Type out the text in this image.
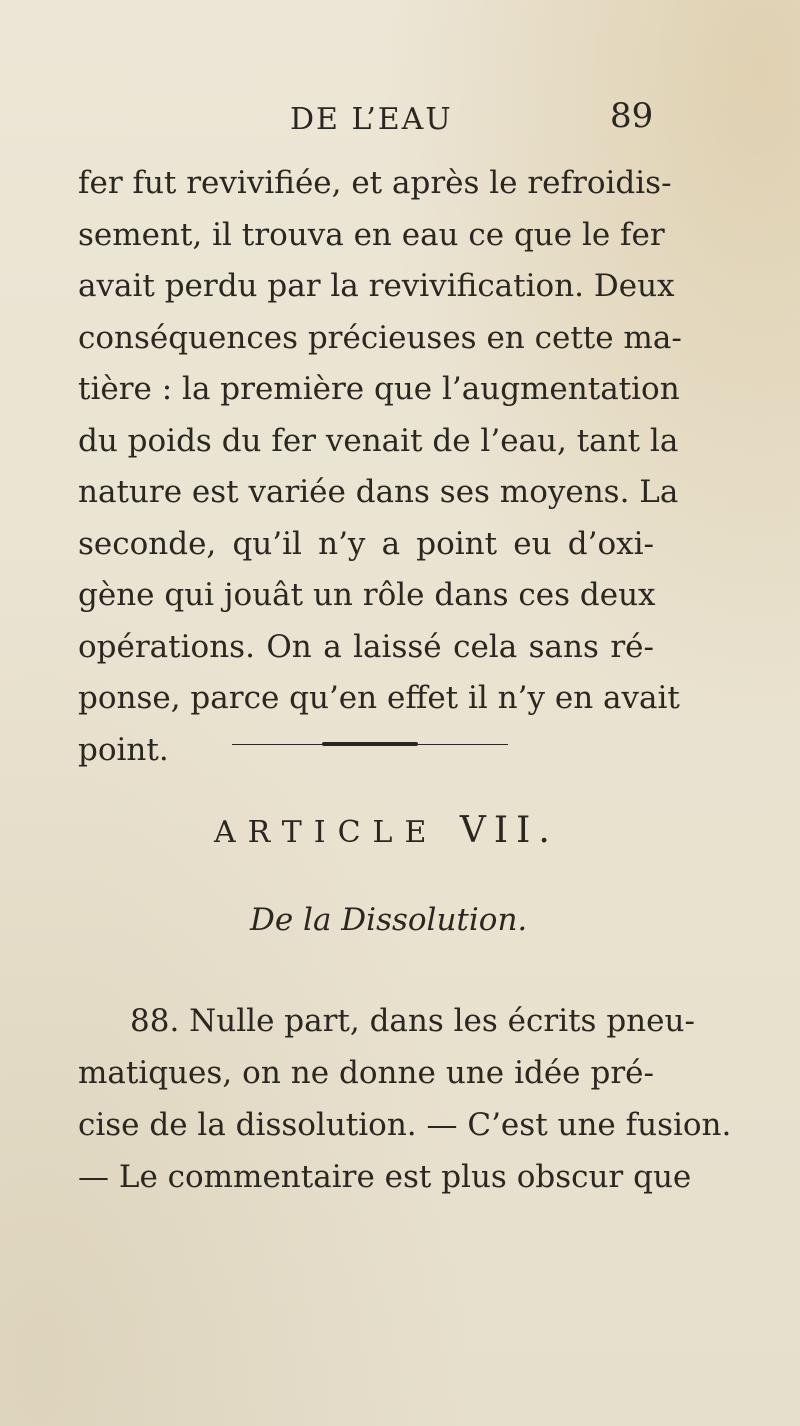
DE L’EAU	89
fer fut revivifiée, et après le refroidis-
sement, il trouva en eau ce que le fer
avait perdu par la revivification. Deux
conséquences précieuses en cette ma-
tière : la première que l’augmentation
du poids du fer venait de l’eau, tant la
nature est variée dans ses moyens. La
seconde, qu’il n’y a point eu d’oxi-
gène qui jouât un rôle dans ces deux
opérations. On a laissé cela sans ré-
ponse, parce qu’en effet il n’y en avait
point.
ARTICLE VII.
De la Dissolution.
88. Nulle part, dans les écrits pneu-
matiques, on ne donne une idée pré-
cise de la dissolution. — C’est une fusion.
— Le commentaire est plus obscur que
